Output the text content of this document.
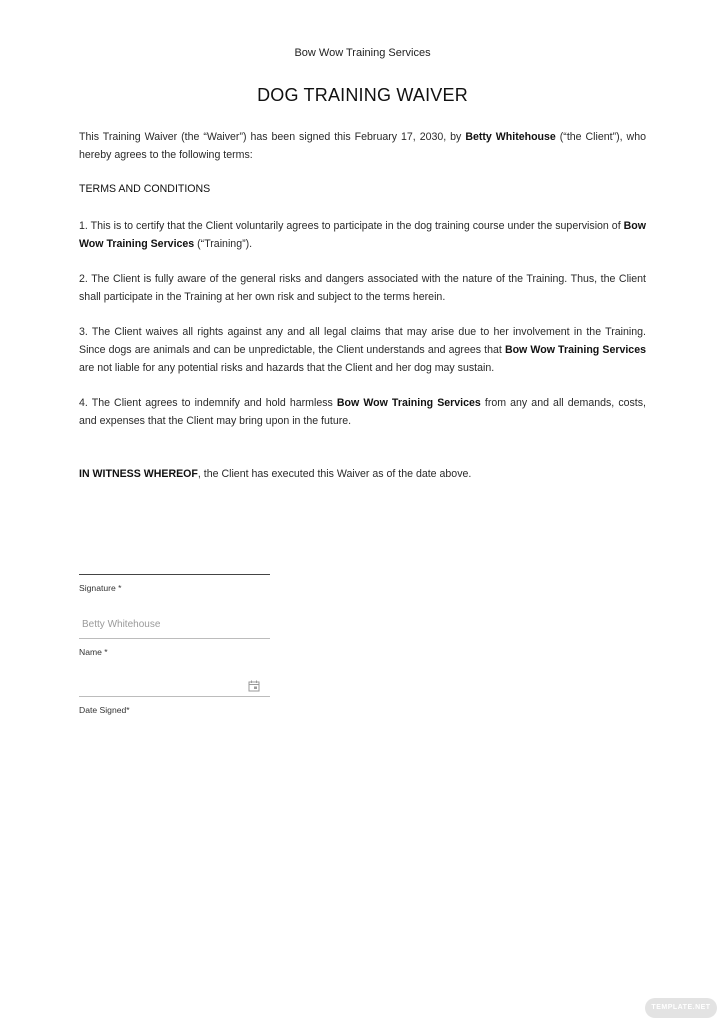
Bow Wow Training Services
DOG TRAINING WAIVER
This Training Waiver (the “Waiver”) has been signed this February 17, 2030, by Betty Whitehouse (“the Client”), who hereby agrees to the following terms:
TERMS AND CONDITIONS
1. This is to certify that the Client voluntarily agrees to participate in the dog training course under the supervision of Bow Wow Training Services (“Training”).
2. The Client is fully aware of the general risks and dangers associated with the nature of the Training. Thus, the Client shall participate in the Training at her own risk and subject to the terms herein.
3. The Client waives all rights against any and all legal claims that may arise due to her involvement in the Training. Since dogs are animals and can be unpredictable, the Client understands and agrees that Bow Wow Training Services are not liable for any potential risks and hazards that the Client and her dog may sustain.
4. The Client agrees to indemnify and hold harmless Bow Wow Training Services from any and all demands, costs, and expenses that the Client may bring upon in the future.
IN WITNESS WHEREOF, the Client has executed this Waiver as of the date above.
Signature *
Betty Whitehouse
Name *
Date Signed*
TEMPLATE.NET
